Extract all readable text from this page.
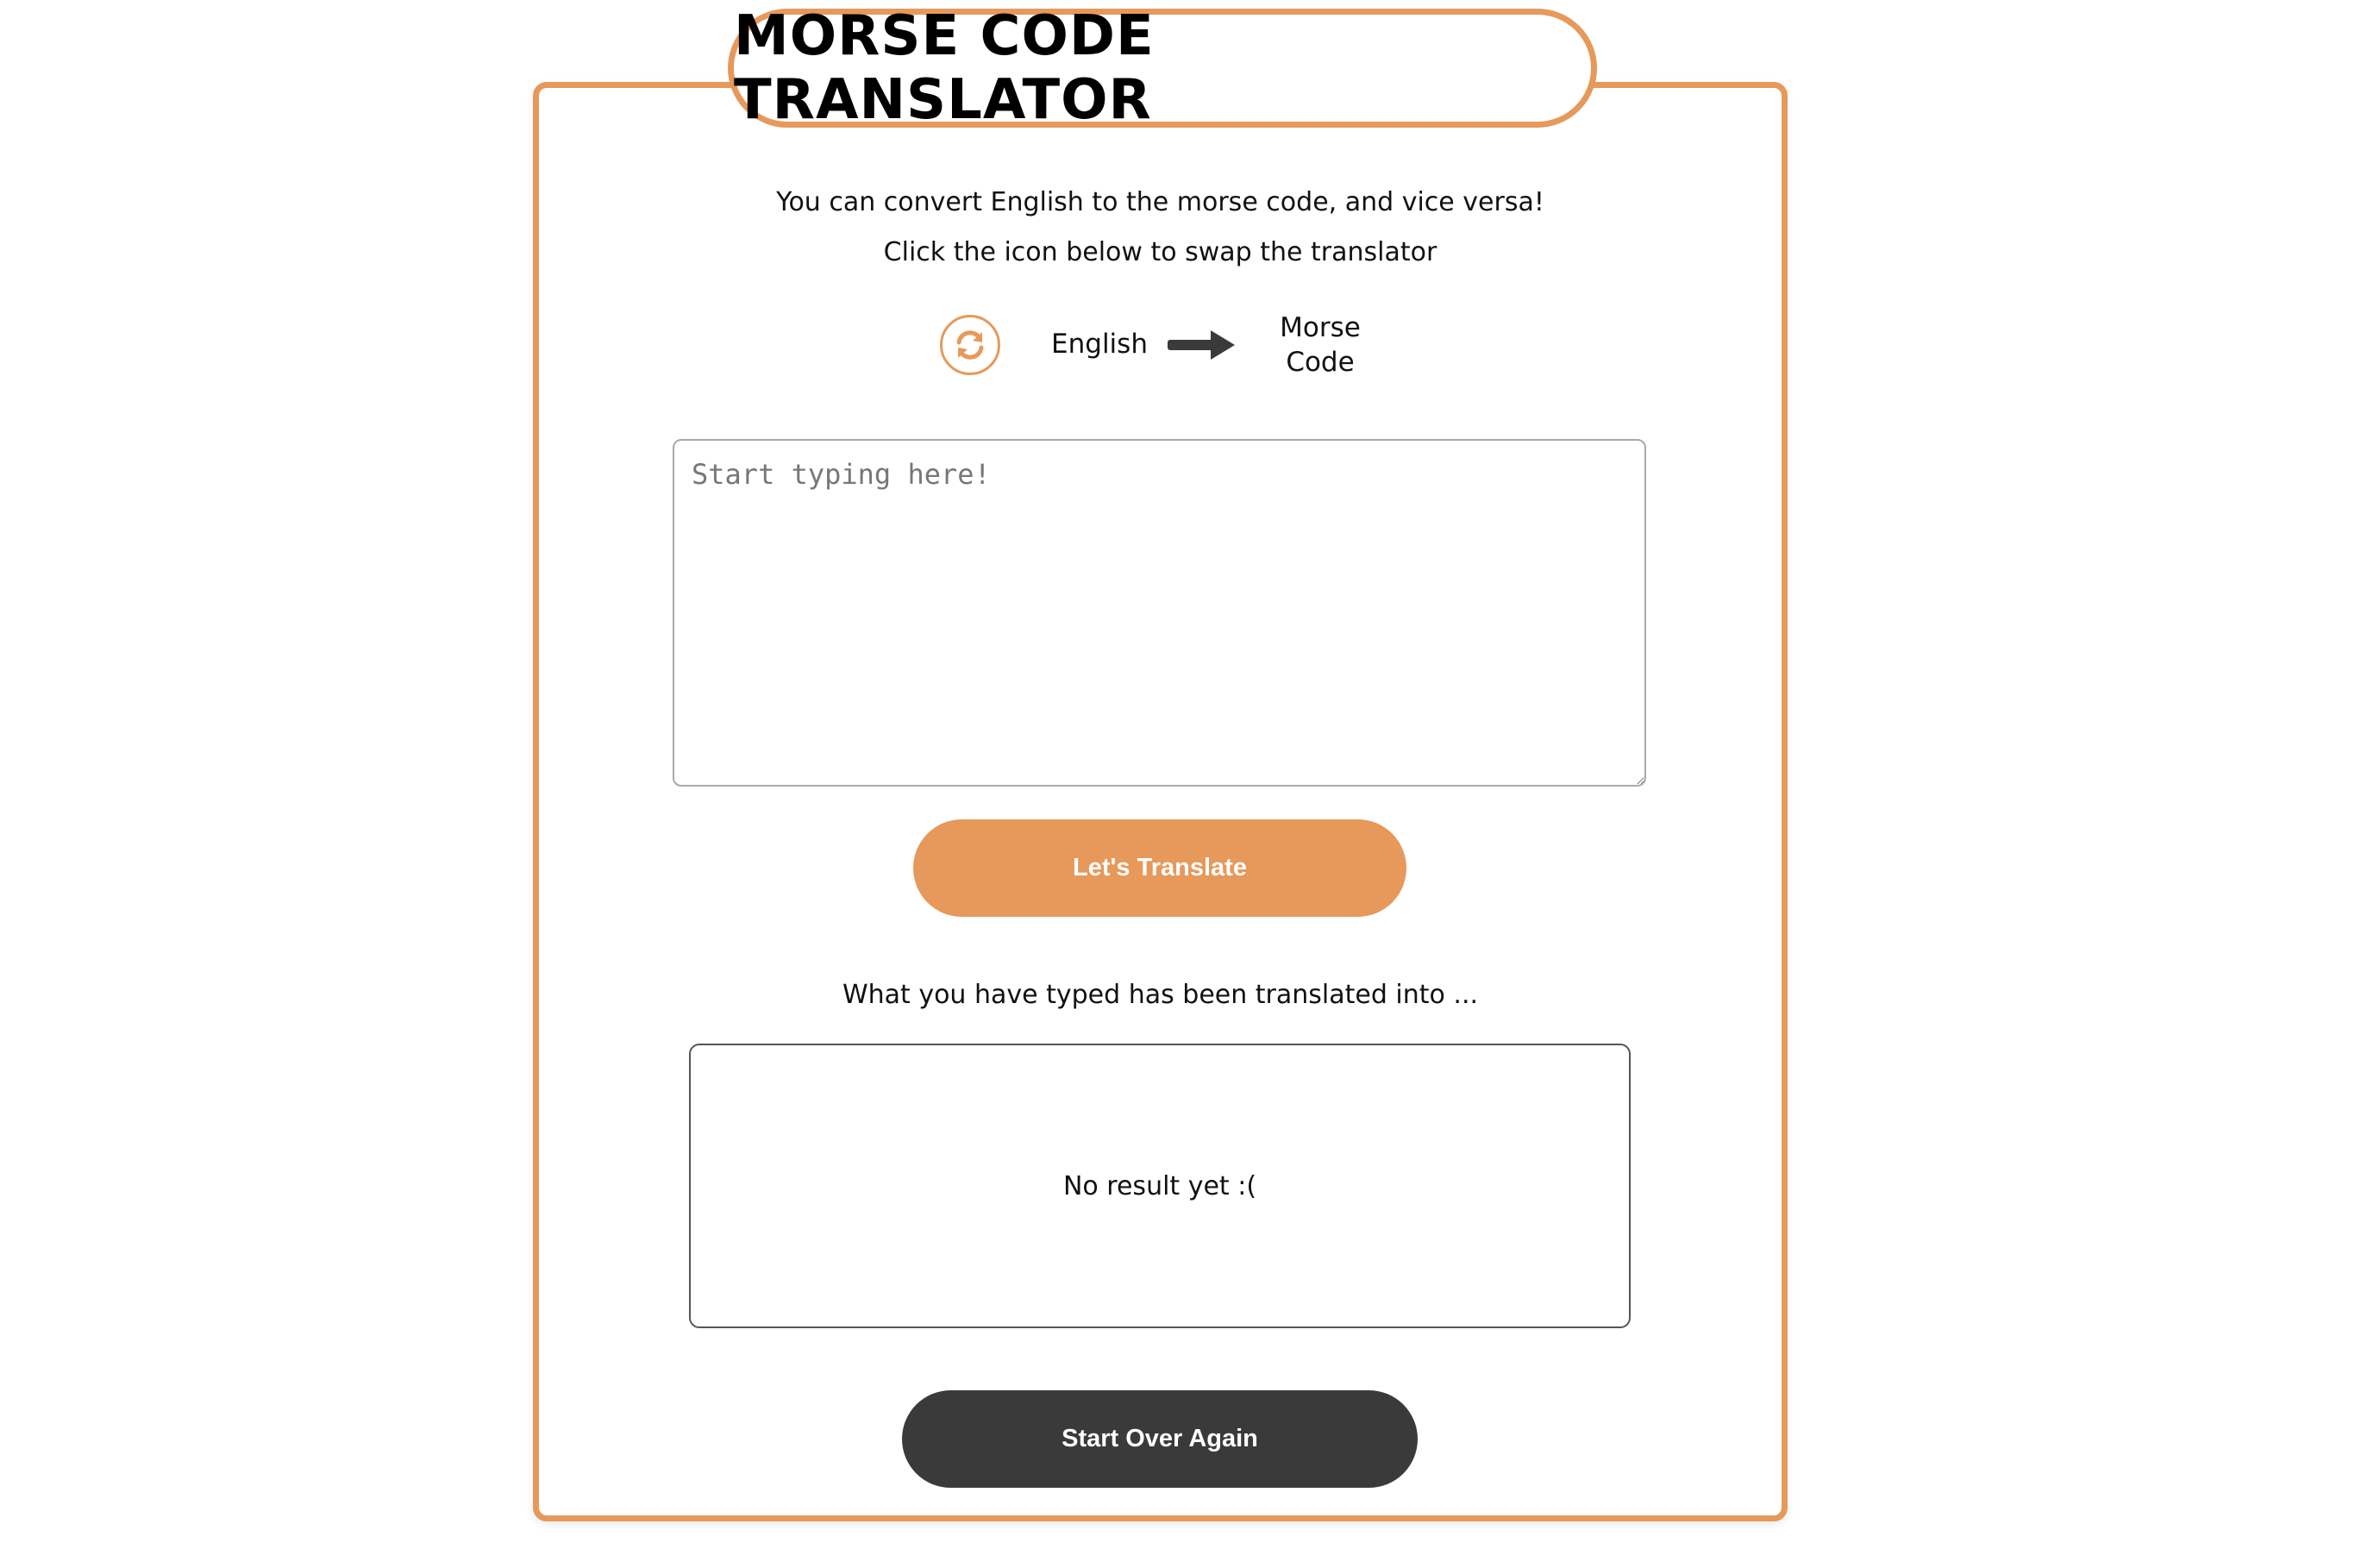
MORSE CODE TRANSLATOR
You can convert English to the morse code, and vice versa!
Click the icon below to swap the translator
English
Morse
Code
Start typing here!
Let's Translate
What you have typed has been translated into ...
No result yet :(
Start Over Again
